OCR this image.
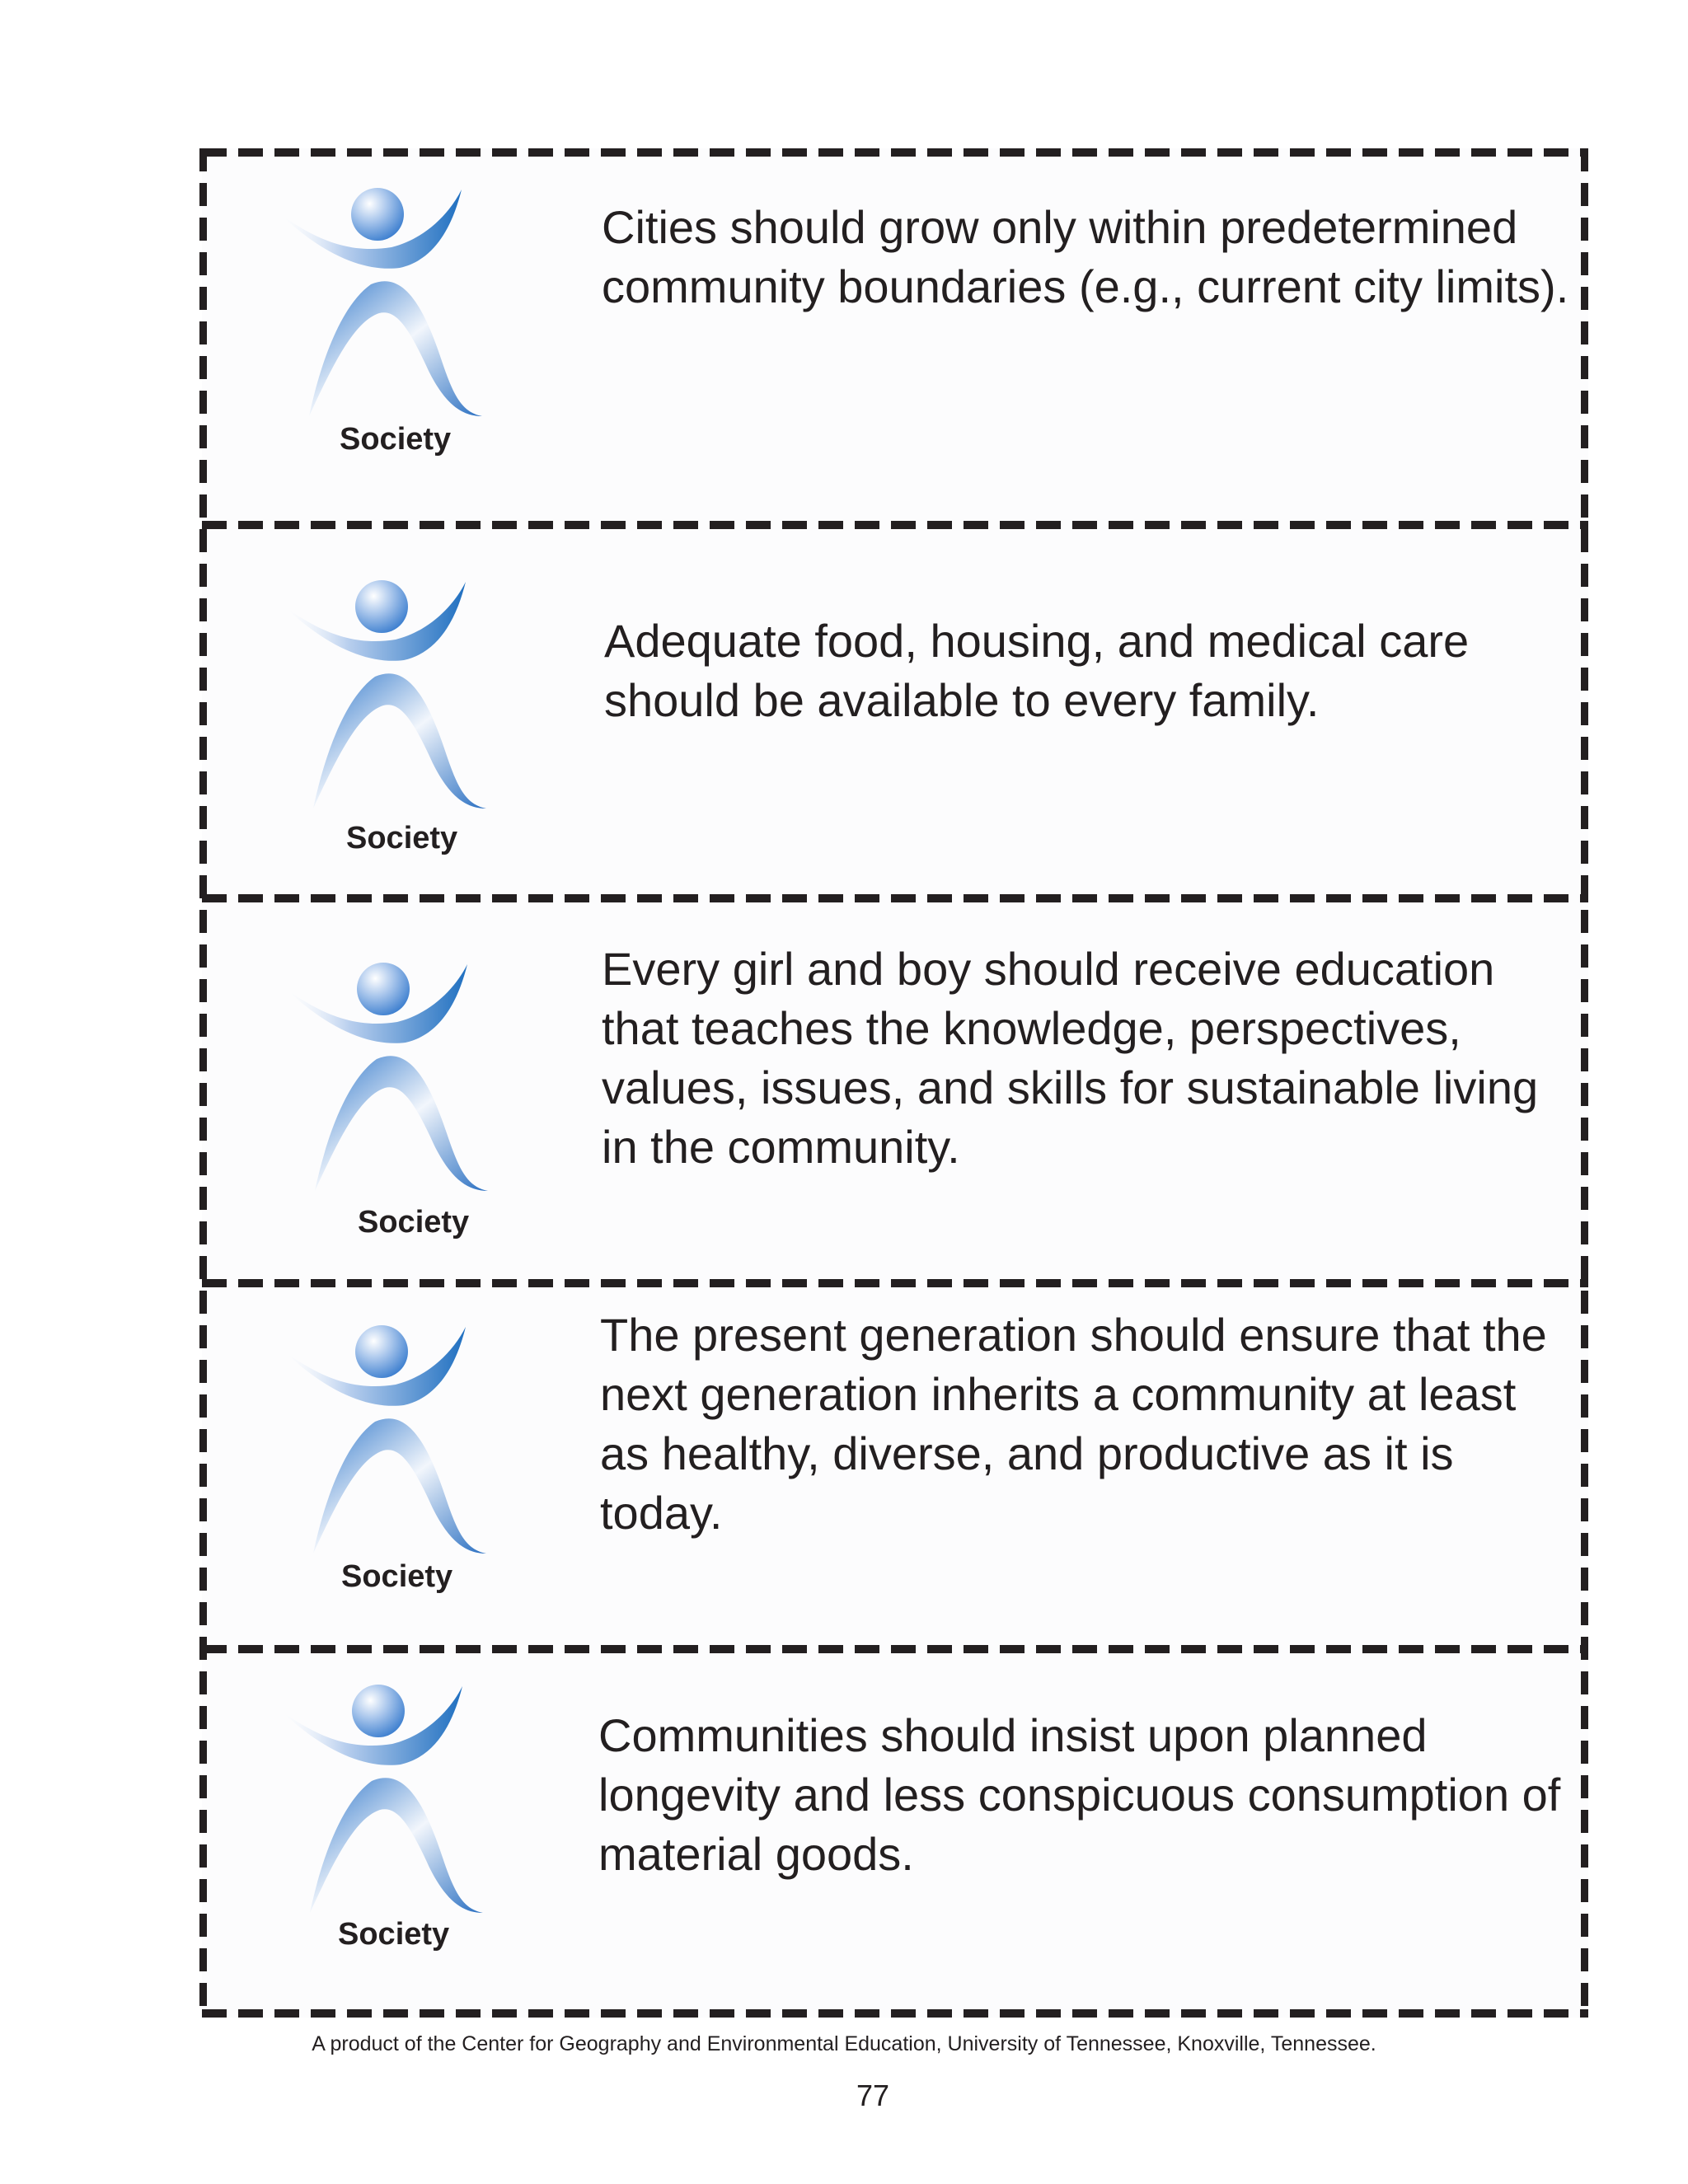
Society

Cities should grow only within predetermined community boundaries (e.g., current city limits).

Society

Adequate food, housing, and medical care should be available to every family.

Society

Every girl and boy should receive education that teaches the knowledge, perspectives, values, issues, and skills for sustainable living in the community.

Society

The present generation should ensure that the next generation inherits a community at least as healthy, diverse, and productive as it is today.

Society

Communities should insist upon planned longevity and less conspicuous consumption of material goods.

A product of the Center for Geography and Environmental Education, University of Tennessee, Knoxville, Tennessee.
77
